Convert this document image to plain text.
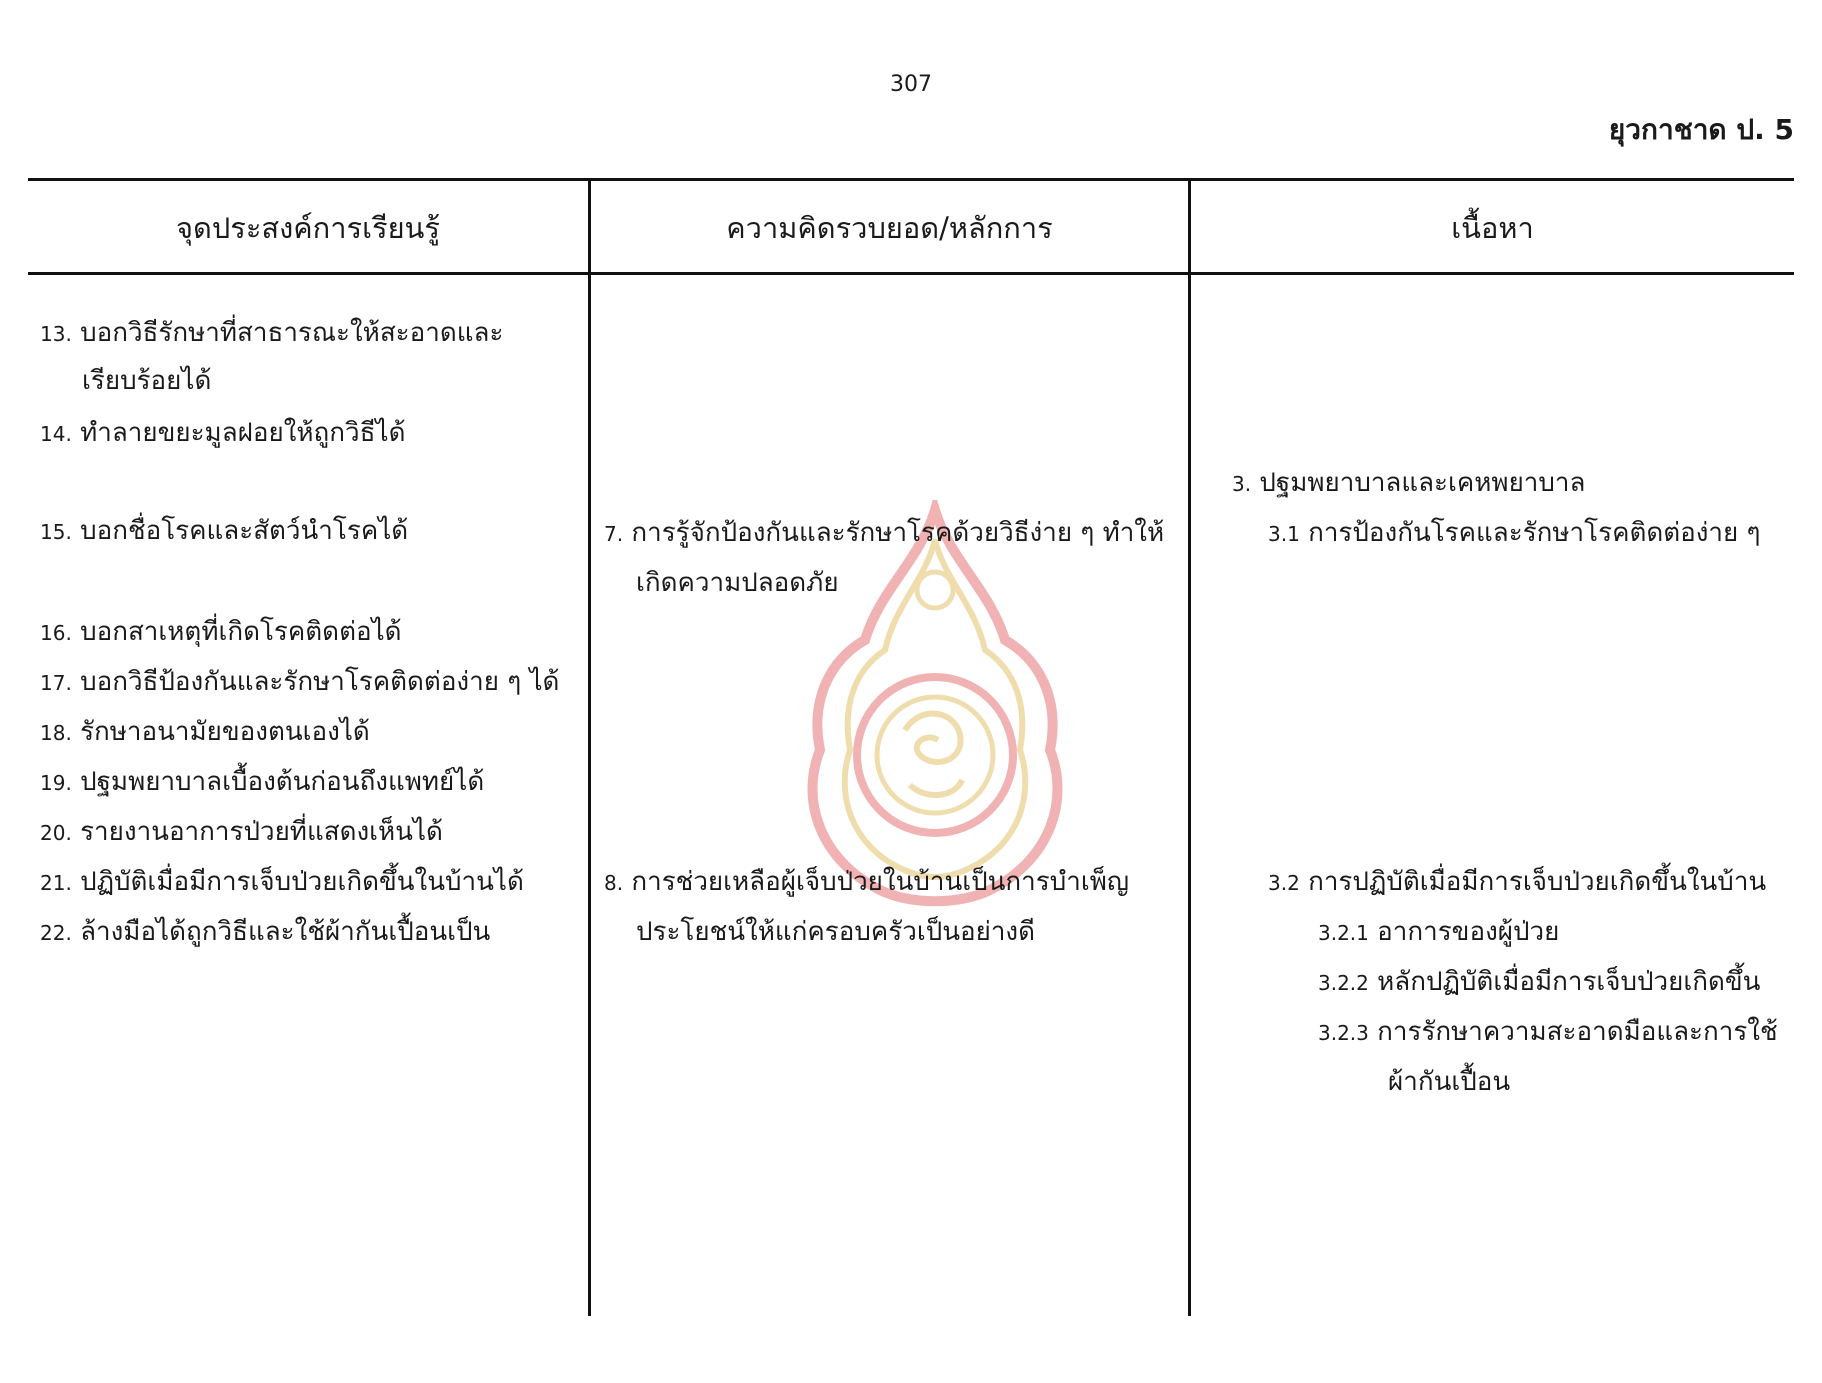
307
ยุวกาชาด ป. 5
จุดประสงค์การเรียนรู้	ความคิดรวบยอด/หลักการ	เนื้อหา
13. บอกวิธีรักษาที่สาธารณะให้สะอาดและ
เรียบร้อยได้
14. ทำลายขยะมูลฝอยให้ถูกวิธีได้
15. บอกชื่อโรคและสัตว์นำโรคได้
16. บอกสาเหตุที่เกิดโรคติดต่อได้
17. บอกวิธีป้องกันและรักษาโรคติดต่อง่าย ๆ ได้
18. รักษาอนามัยของตนเองได้
19. ปฐมพยาบาลเบื้องต้นก่อนถึงแพทย์ได้
20. รายงานอาการป่วยที่แสดงเห็นได้
21. ปฏิบัติเมื่อมีการเจ็บป่วยเกิดขึ้นในบ้านได้
22. ล้างมือได้ถูกวิธีและใช้ผ้ากันเปื้อนเป็น
7. การรู้จักป้องกันและรักษาโรคด้วยวิธีง่าย ๆ ทำให้
เกิดความปลอดภัย
8. การช่วยเหลือผู้เจ็บป่วยในบ้านเป็นการบำเพ็ญ
ประโยชน์ให้แก่ครอบครัวเป็นอย่างดี
3. ปฐมพยาบาลและเคหพยาบาล
3.1 การป้องกันโรคและรักษาโรคติดต่อง่าย ๆ
3.2 การปฏิบัติเมื่อมีการเจ็บป่วยเกิดขึ้นในบ้าน
3.2.1 อาการของผู้ป่วย
3.2.2 หลักปฏิบัติเมื่อมีการเจ็บป่วยเกิดขึ้น
3.2.3 การรักษาความสะอาดมือและการใช้
ผ้ากันเปื้อน
